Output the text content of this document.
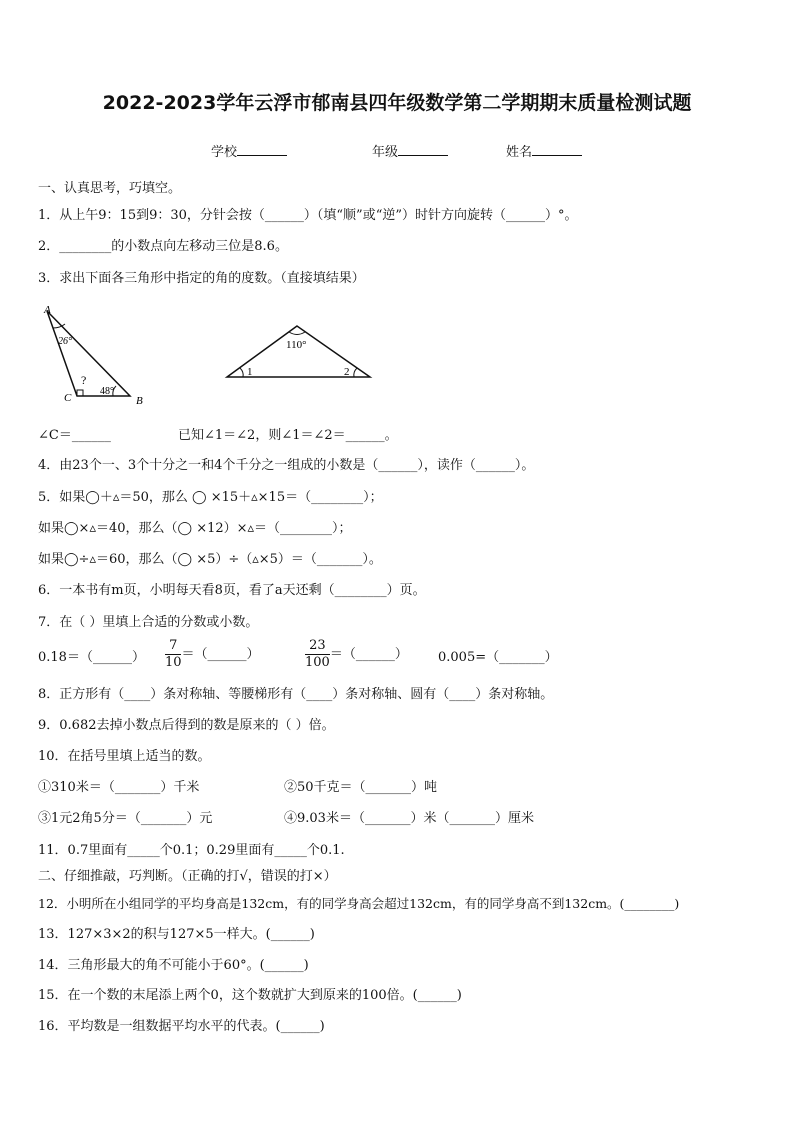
2022-2023学年云浮市郁南县四年级数学第二学期期末质量检测试题
学校	年级	姓名
一、认真思考，巧填空。
1．从上午9：15到9：30，分针会按（______）（填“顺”或“逆”）时针方向旋转（______）°。
2．________的小数点向左移动三位是8.6。
3．求出下面各三角形中指定的角的度数。（直接填结果）
A
B
C
26°
48°
?
110°
1	2
∠C＝______	已知∠1＝∠2，则∠1＝∠2＝______。
4．由23个一、3个十分之一和4个千分之一组成的小数是（______），读作（______）。
5．如果◯＋▵＝50，那么 ◯ ×15＋▵×15＝（________）；
如果◯×▵＝40，那么（◯ ×12）×▵＝（________）；
如果◯÷▵＝60，那么（◯ ×5）÷（▵×5）＝（_______）。
6．一本书有m页，小明每天看8页，看了a天还剩（________）页。
7．在（ ）里填上合适的分数或小数。
0.18＝（______） $\frac{7}{10}$ ＝（______）	$\frac{23}{100}$ ＝（______） 0.005=（_______）
8．正方形有（____）条对称轴、等腰梯形有（____）条对称轴、圆有（____）条对称轴。
9．0.682去掉小数点后得到的数是原来的（ ）倍。
10．在括号里填上适当的数。
①310米＝（_______）千米	②50千克＝（_______）吨
③1元2角5分＝（_______）元	④9.03米＝（_______）米（_______）厘米
11．0.7里面有_____个0.1；0.29里面有_____个0.1.
二、仔细推敲，巧判断。（正确的打√，错误的打×）
12．小明所在小组同学的平均身高是132cm，有的同学身高会超过132cm，有的同学身高不到132cm。(________)
13．127×3×2的积与127×5一样大。(______)
14．三角形最大的角不可能小于60°。(______)
15．在一个数的末尾添上两个0，这个数就扩大到原来的100倍。(______)
16．平均数是一组数据平均水平的代表。(______)
